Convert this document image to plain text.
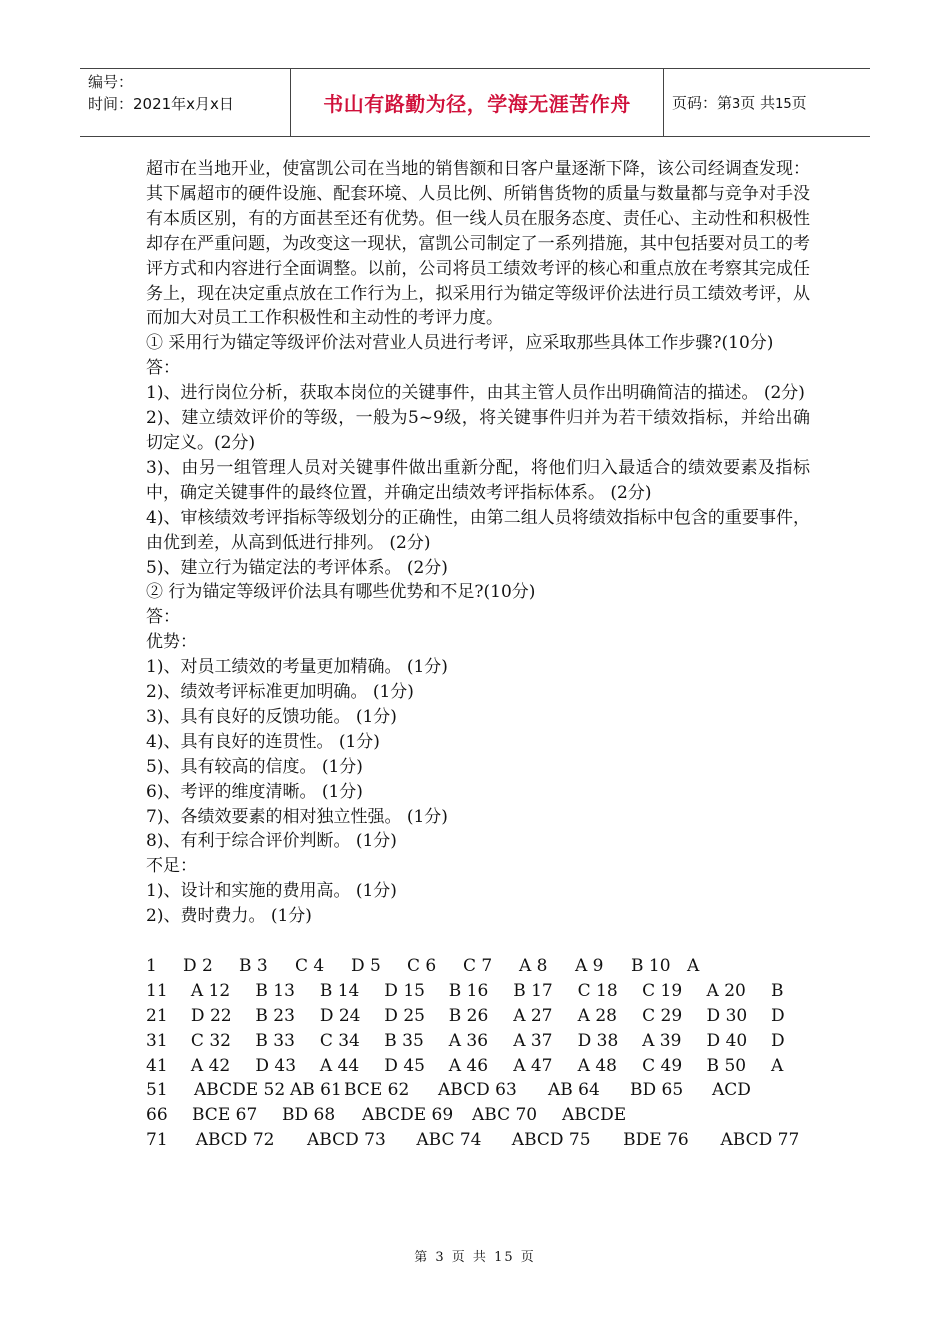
编号：
时间：2021年x月x日	书山有路勤为径，学海无涯苦作舟	页码：第3页 共15页

超市在当地开业，使富凯公司在当地的销售额和日客户量逐渐下降，该公司经调查发现：其下属超市的硬件设施、配套环境、人员比例、所销售货物的质量与数量都与竞争对手没有本质区别，有的方面甚至还有优势。但一线人员在服务态度、责任心、主动性和积极性却存在严重问题，为改变这一现状，富凯公司制定了一系列措施，其中包括要对员工的考评方式和内容进行全面调整。以前，公司将员工绩效考评的核心和重点放在考察其完成任务上，现在决定重点放在工作行为上，拟采用行为锚定等级评价法进行员工绩效考评，从而加大对员工工作积极性和主动性的考评力度。

① 采用行为锚定等级评价法对营业人员进行考评，应采取那些具体工作步骤?(10分)

答：

1)、进行岗位分析，获取本岗位的关键事件，由其主管人员作出明确简洁的描述。 (2分)

2)、建立绩效评价的等级，一般为5~9级，将关键事件归并为若干绩效指标，并给出确切定义。(2分)

3)、由另一组管理人员对关键事件做出重新分配，将他们归入最适合的绩效要素及指标中，确定关键事件的最终位置，并确定出绩效考评指标体系。 (2分)

4)、审核绩效考评指标等级划分的正确性，由第二组人员将绩效指标中包含的重要事件，由优到差，从高到低进行排列。 (2分)

5)、建立行为锚定法的考评体系。 (2分)

② 行为锚定等级评价法具有哪些优势和不足?(10分)

答：

优势：

1)、对员工绩效的考量更加精确。 (1分)

2)、绩效考评标准更加明确。 (1分)

3)、具有良好的反馈功能。 (1分)

4)、具有良好的连贯性。 (1分)

5)、具有较高的信度。 (1分)

6)、考评的维度清晰。 (1分)

7)、各绩效要素的相对独立性强。 (1分)

8)、有利于综合评价判断。 (1分)

不足：

1)、设计和实施的费用高。 (1分)

2)、费时费力。 (1分)

1	D 2	B 3	C 4	D 5	C 6	C 7	A 8	A 9	B 10 A
11	A 12	B 13	B 14	D 15	B 16	B 17	C 18	C 19	A 20	B
21	D 22	B 23	D 24	D 25	B 26	A 27	A 28	C 29	D 30	D
31	C 32	B 33	C 34	B 35	A 36	A 37	D 38	A 39	D 40	D
41	A 42	D 43	A 44	D 45	A 46	A 47	A 48	C 49	B 50	A
51	ABCDE 52 AB 61 BCE 62	ABCD 63	AB 64	BD 65	ACD
66	BCE 67	BD 68	ABCDE 69	ABC 70	ABCDE
71	ABCD 72	ABCD 73	ABC 74	ABCD 75	BDE 76	ABCD 77
第 3 页 共 15 页
